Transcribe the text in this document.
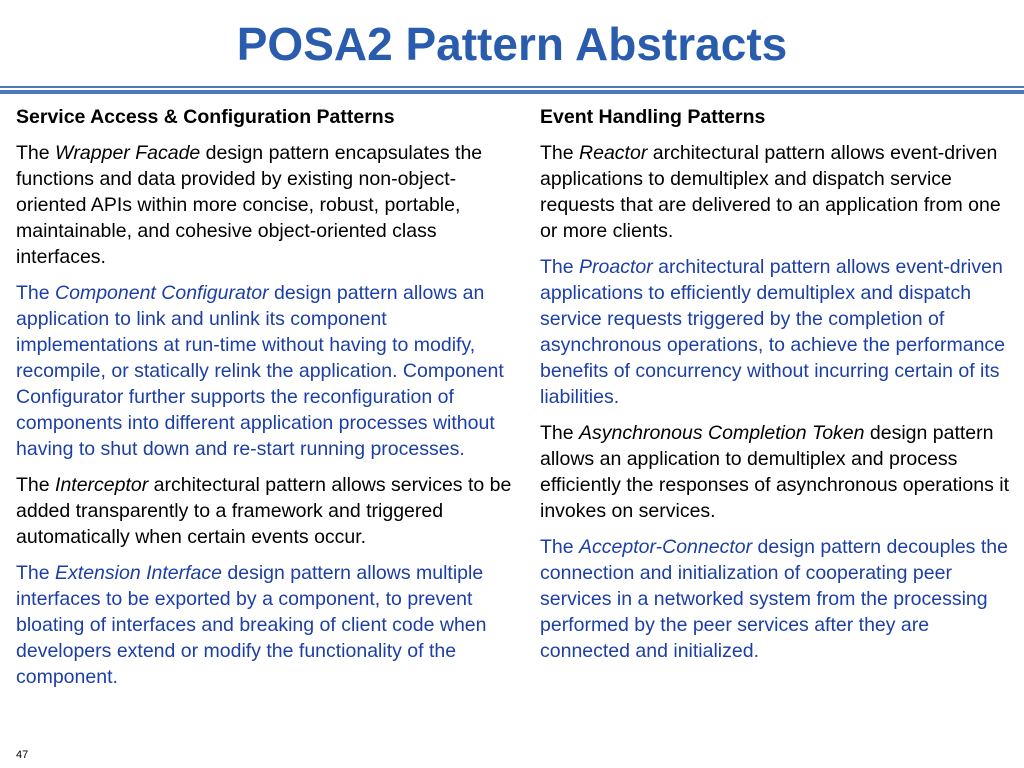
POSA2 Pattern Abstracts
Service Access & Configuration Patterns
The Wrapper Facade design pattern encapsulates the functions and data provided by existing non-object-oriented APIs within more concise, robust, portable, maintainable, and cohesive object-oriented class interfaces.
The Component Configurator design pattern allows an application to link and unlink its component implementations at run-time without having to modify, recompile, or statically relink the application. Component Configurator further supports the reconfiguration of components into different application processes without having to shut down and re-start running processes.
The Interceptor architectural pattern allows services to be added transparently to a framework and triggered automatically when certain events occur.
The Extension Interface design pattern allows multiple interfaces to be exported by a component, to prevent bloating of interfaces and breaking of client code when developers extend or modify the functionality of the component.
Event Handling Patterns
The Reactor architectural pattern allows event-driven applications to demultiplex and dispatch service requests that are delivered to an application from one or more clients.
The Proactor architectural pattern allows event-driven applications to efficiently demultiplex and dispatch service requests triggered by the completion of asynchronous operations, to achieve the performance benefits of concurrency without incurring certain of its liabilities.
The Asynchronous Completion Token design pattern allows an application to demultiplex and process efficiently the responses of asynchronous operations it invokes on services.
The Acceptor-Connector design pattern decouples the connection and initialization of cooperating peer services in a networked system from the processing performed by the peer services after they are connected and initialized.
47
